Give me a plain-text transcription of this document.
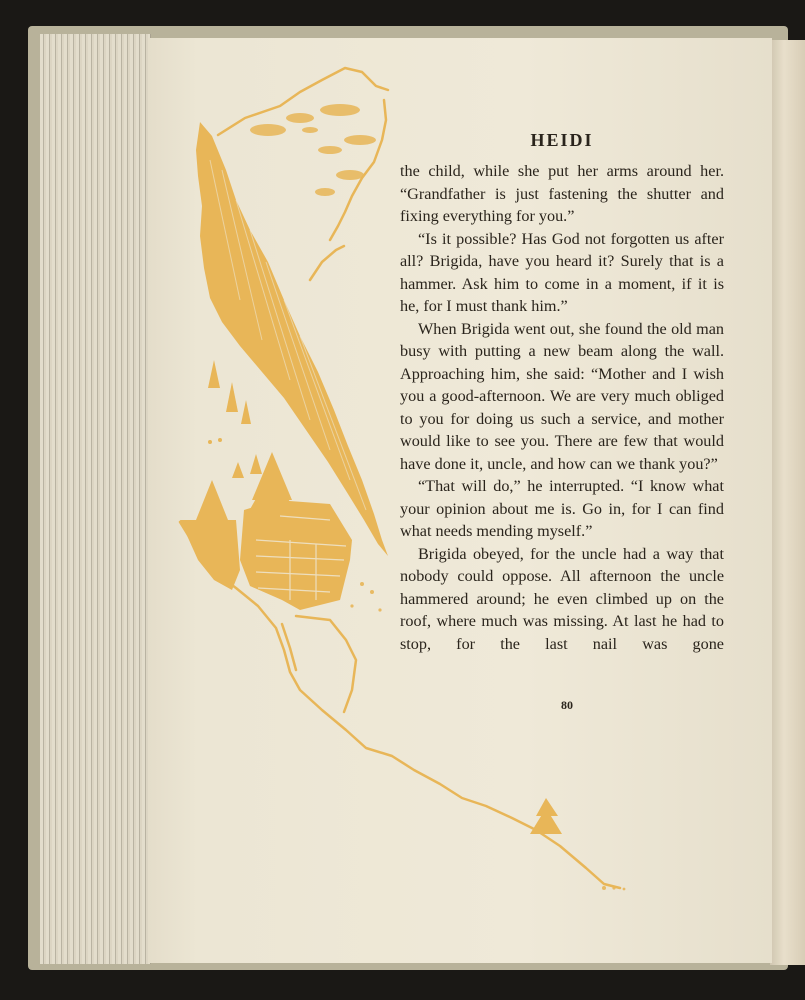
HEIDI

the child, while she put her arms around her. “Grandfather is just fastening the shutter and fixing everything for you.”

“Is it possible? Has God not forgotten us after all? Brigida, have you heard it? Surely that is a hammer. Ask him to come in a moment, if it is he, for I must thank him.”

When Brigida went out, she found the old man busy with putting a new beam along the wall. Approaching him, she said: “Mother and I wish you a good-afternoon. We are very much obliged to you for doing us such a service, and mother would like to see you. There are few that would have done it, uncle, and how can we thank you?”

“That will do,” he interrupted. “I know what your opinion about me is. Go in, for I can find what needs mending myself.”

Brigida obeyed, for the uncle had a way that nobody could oppose. All afternoon the uncle hammered around; he even climbed up on the roof, where much was missing. At last he had to stop, for the last nail was gone

80
